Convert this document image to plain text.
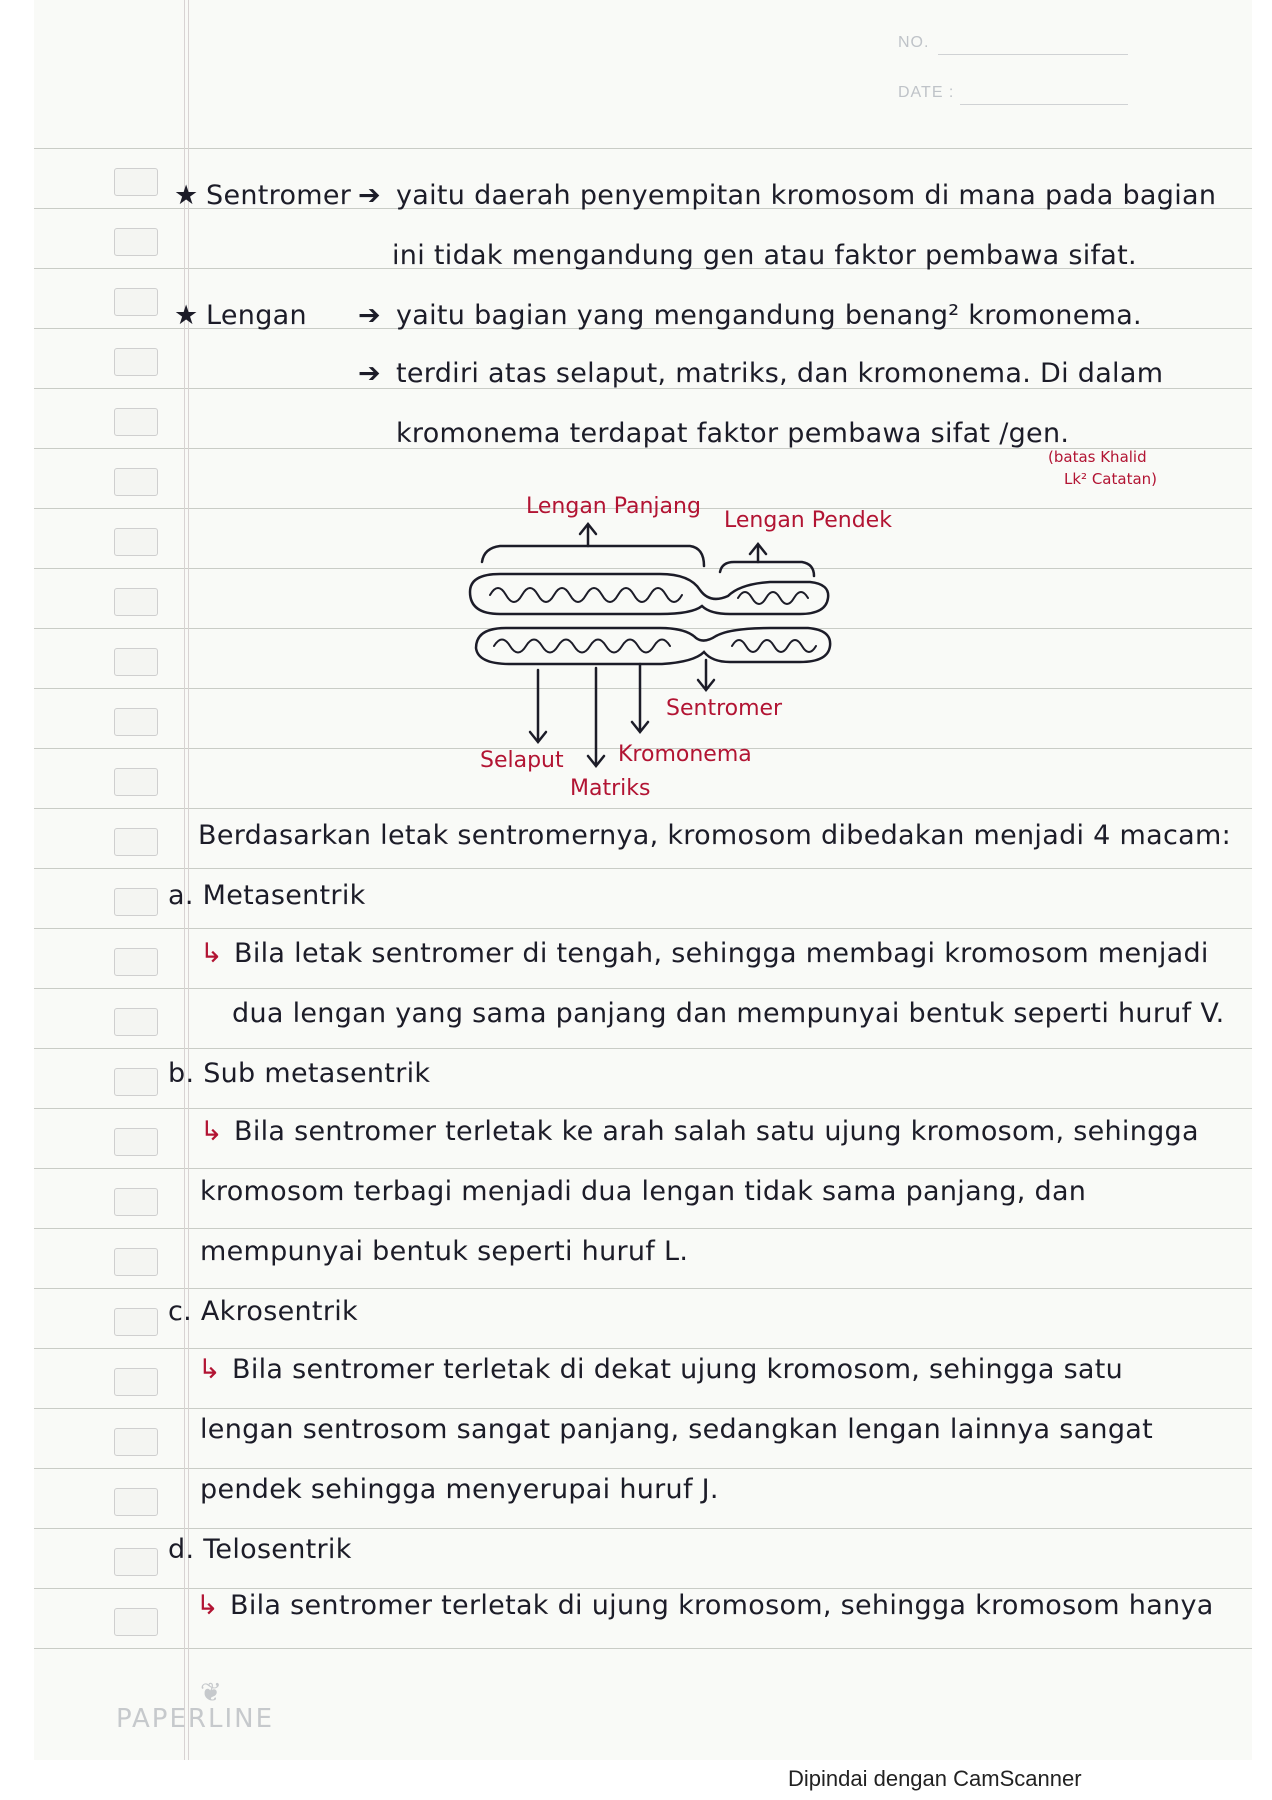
NO.
DATE :
★ Sentromer ➔ yaitu daerah penyempitan kromosom di mana pada bagian
ini tidak mengandung gen atau faktor pembawa sifat.
★ Lengan ➔ yaitu bagian yang mengandung benang² kromonema.
➔ terdiri atas selaput, matriks, dan kromonema. Di dalam
kromonema terdapat faktor pembawa sifat /gen.
(batas Khalid
Lk² Catatan)
Lengan Panjang
Lengan Pendek
Sentromer
Selaput Kromonema
Matriks
Berdasarkan letak sentromernya, kromosom dibedakan menjadi 4 macam:
a. Metasentrik
↳ Bila letak sentromer di tengah, sehingga membagi kromosom menjadi
dua lengan yang sama panjang dan mempunyai bentuk seperti huruf V.
b. Sub metasentrik
↳ Bila sentromer terletak ke arah salah satu ujung kromosom, sehingga
kromosom terbagi menjadi dua lengan tidak sama panjang, dan
mempunyai bentuk seperti huruf L.
c. Akrosentrik
↳ Bila sentromer terletak di dekat ujung kromosom, sehingga satu
lengan sentrosom sangat panjang, sedangkan lengan lainnya sangat
pendek sehingga menyerupai huruf J.
d. Telosentrik
↳ Bila sentromer terletak di ujung kromosom, sehingga kromosom hanya
❦
PAPERLINE
Dipindai dengan CamScanner
